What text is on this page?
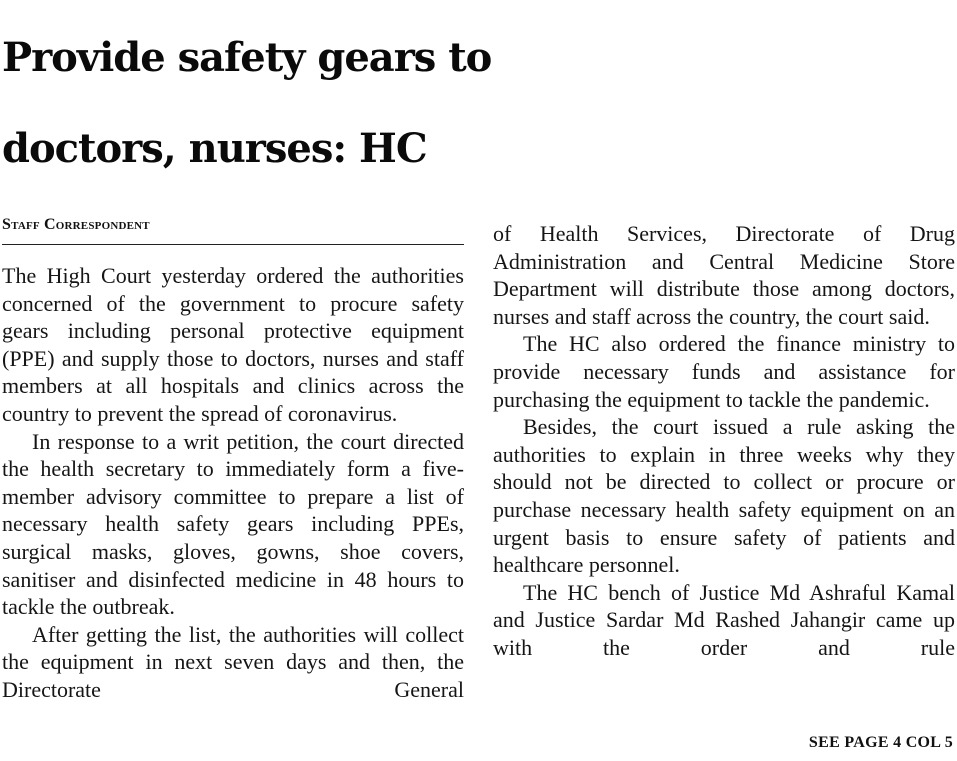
Provide safety gears to
doctors, nurses: HC
Staff Correspondent

The High Court yesterday ordered the authorities concerned of the government to procure safety gears including personal protective equipment (PPE) and supply those to doctors, nurses and staff members at all hospitals and clinics across the country to prevent the spread of coronavirus.

In response to a writ petition, the court directed the health secretary to immediately form a five-member advisory committee to prepare a list of necessary health safety gears including PPEs, surgical masks, gloves, gowns, shoe covers, sanitiser and disinfected medicine in 48 hours to tackle the outbreak.

After getting the list, the authorities will collect the equipment in next seven days and then, the Directorate General

of Health Services, Directorate of Drug Administration and Central Medicine Store Department will distribute those among doctors, nurses and staff across the country, the court said.

The HC also ordered the finance ministry to provide necessary funds and assistance for purchasing the equipment to tackle the pandemic.

Besides, the court issued a rule asking the authorities to explain in three weeks why they should not be directed to collect or procure or purchase necessary health safety equipment on an urgent basis to ensure safety of patients and healthcare personnel.

The HC bench of Justice Md Ashraful Kamal and Justice Sardar Md Rashed Jahangir came up with the order and rule

SEE PAGE 4 COL 5
